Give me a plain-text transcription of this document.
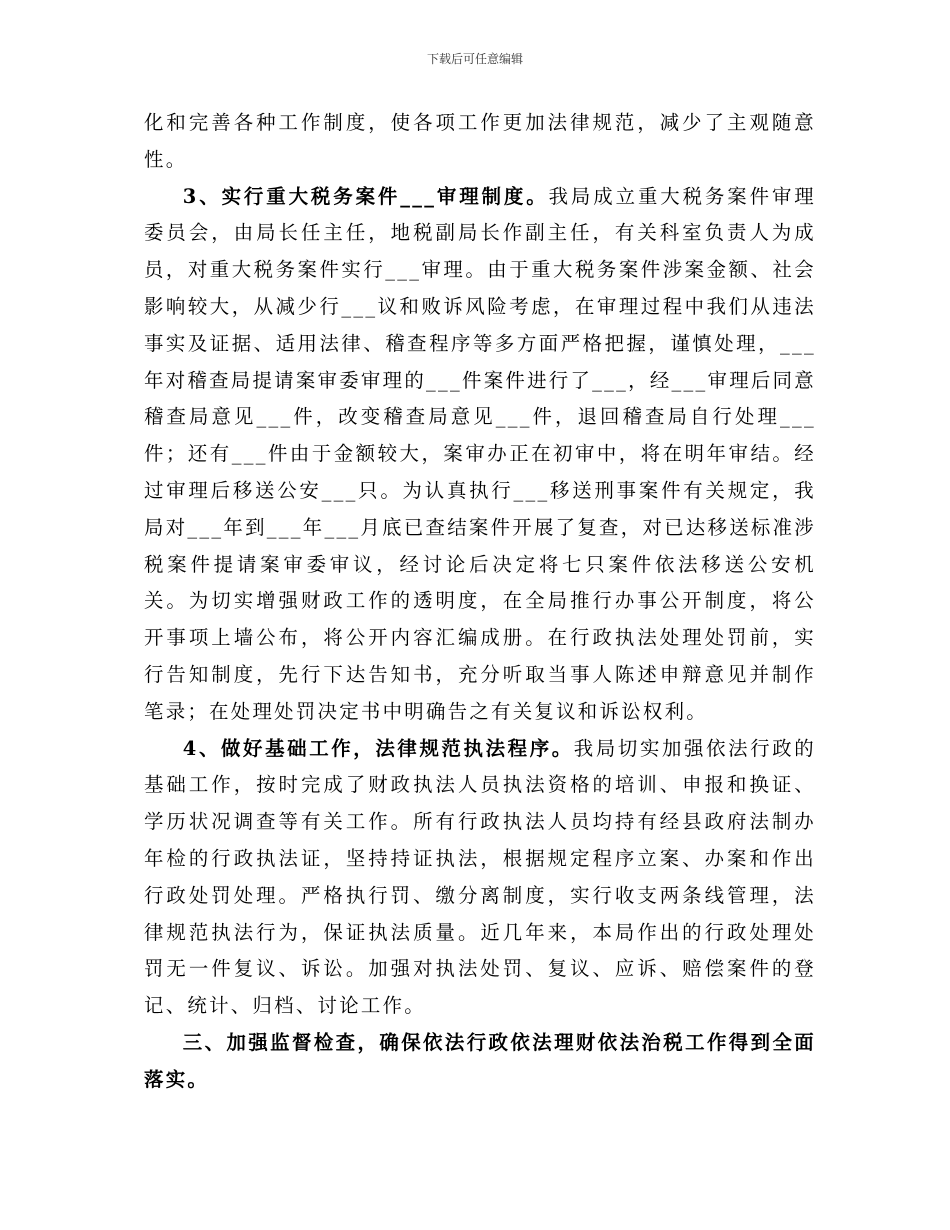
下载后可任意编辑

化和完善各种工作制度，使各项工作更加法律规范，减少了主观随意性。

3、实行重大税务案件___审理制度。我局成立重大税务案件审理委员会，由局长任主任，地税副局长作副主任，有关科室负责人为成员，对重大税务案件实行___审理。由于重大税务案件涉案金额、社会影响较大，从减少行___议和败诉风险考虑，在审理过程中我们从违法事实及证据、适用法律、稽查程序等多方面严格把握，谨慎处理，___年对稽查局提请案审委审理的___件案件进行了___，经___审理后同意稽查局意见___件，改变稽查局意见___件，退回稽查局自行处理___件；还有___件由于金额较大，案审办正在初审中，将在明年审结。经过审理后移送公安___只。为认真执行___移送刑事案件有关规定，我局对___年到___年___月底已查结案件开展了复查，对已达移送标准涉税案件提请案审委审议，经讨论后决定将七只案件依法移送公安机关。为切实增强财政工作的透明度，在全局推行办事公开制度，将公开事项上墙公布，将公开内容汇编成册。在行政执法处理处罚前，实行告知制度，先行下达告知书，充分听取当事人陈述申辩意见并制作笔录；在处理处罚决定书中明确告之有关复议和诉讼权利。

4、做好基础工作，法律规范执法程序。我局切实加强依法行政的基础工作，按时完成了财政执法人员执法资格的培训、申报和换证、学历状况调查等有关工作。所有行政执法人员均持有经县政府法制办年检的行政执法证，坚持持证执法，根据规定程序立案、办案和作出行政处罚处理。严格执行罚、缴分离制度，实行收支两条线管理，法律规范执法行为，保证执法质量。近几年来，本局作出的行政处理处罚无一件复议、诉讼。加强对执法处罚、复议、应诉、赔偿案件的登记、统计、归档、讨论工作。

三、加强监督检查，确保依法行政依法理财依法治税工作得到全面落实。
